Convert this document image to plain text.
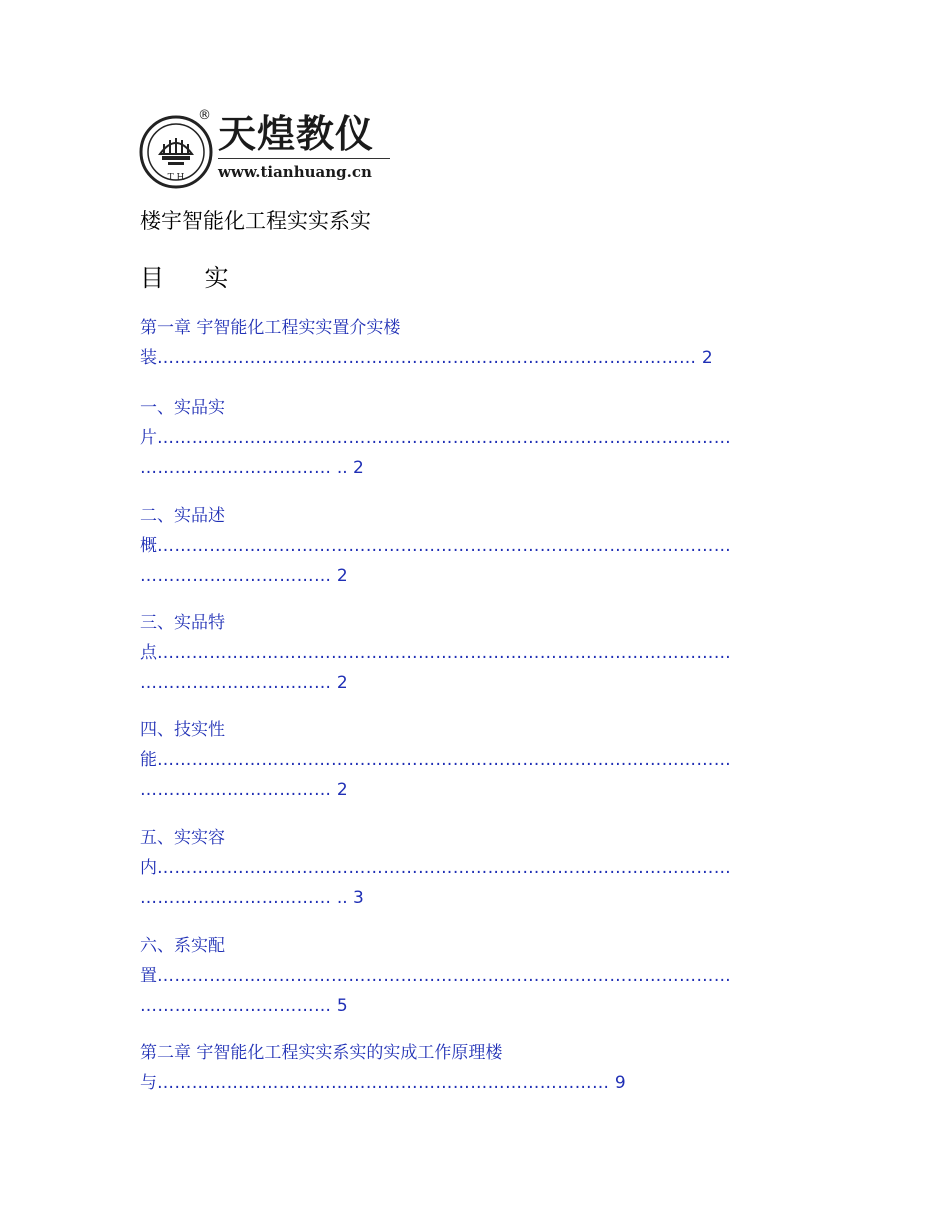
T H
天煌教仪
®
www.tianhuang.cn
楼宇智能化工程实实系实
目    实
第一章 宇智能化工程实实置介实楼
装………………………………………………………………………………… 2
一、实品实
片………………………………………………………………………………………
…………………………… .. 2
二、实品述
概………………………………………………………………………………………
…………………………… 2
三、实品特
点………………………………………………………………………………………
…………………………… 2
四、技实性
能………………………………………………………………………………………
…………………………… 2
五、实实容
内………………………………………………………………………………………
…………………………… .. 3
六、系实配
置………………………………………………………………………………………
…………………………… 5
第二章 宇智能化工程实实系实的实成工作原理楼
与…………………………………………………………………… 9
